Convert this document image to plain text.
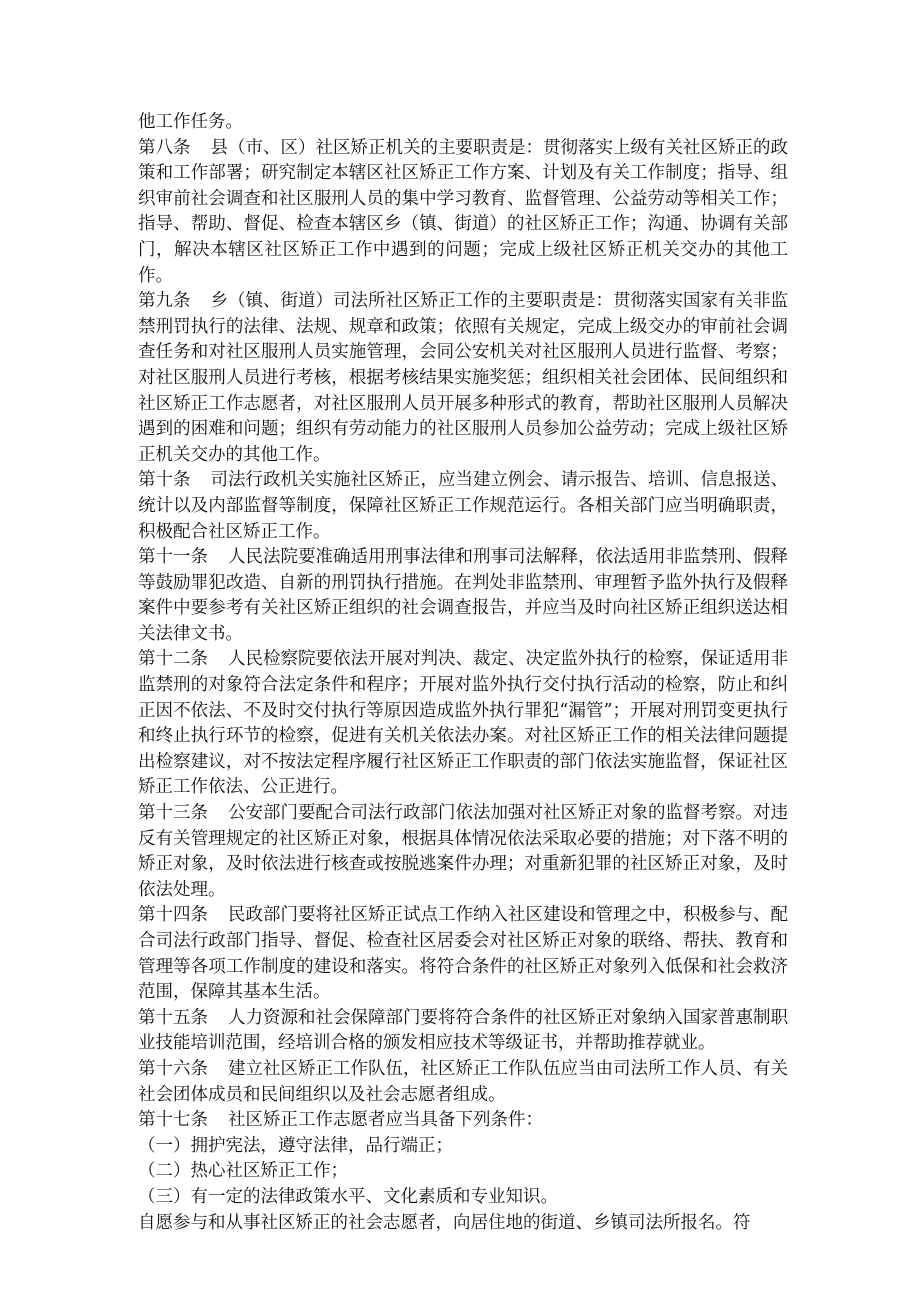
他工作任务。

第八条 县（市、区）社区矫正机关的主要职责是：贯彻落实上级有关社区矫正的政策和工作部署；研究制定本辖区社区矫正工作方案、计划及有关工作制度；指导、组织审前社会调查和社区服刑人员的集中学习教育、监督管理、公益劳动等相关工作；指导、帮助、督促、检查本辖区乡（镇、街道）的社区矫正工作；沟通、协调有关部门，解决本辖区社区矫正工作中遇到的问题；完成上级社区矫正机关交办的其他工作。

第九条 乡（镇、街道）司法所社区矫正工作的主要职责是：贯彻落实国家有关非监禁刑罚执行的法律、法规、规章和政策；依照有关规定，完成上级交办的审前社会调查任务和对社区服刑人员实施管理，会同公安机关对社区服刑人员进行监督、考察；对社区服刑人员进行考核，根据考核结果实施奖惩；组织相关社会团体、民间组织和社区矫正工作志愿者，对社区服刑人员开展多种形式的教育，帮助社区服刑人员解决遇到的困难和问题；组织有劳动能力的社区服刑人员参加公益劳动；完成上级社区矫正机关交办的其他工作。

第十条 司法行政机关实施社区矫正，应当建立例会、请示报告、培训、信息报送、统计以及内部监督等制度，保障社区矫正工作规范运行。各相关部门应当明确职责，积极配合社区矫正工作。

第十一条 人民法院要准确适用刑事法律和刑事司法解释，依法适用非监禁刑、假释等鼓励罪犯改造、自新的刑罚执行措施。在判处非监禁刑、审理暂予监外执行及假释案件中要参考有关社区矫正组织的社会调查报告，并应当及时向社区矫正组织送达相关法律文书。

第十二条 人民检察院要依法开展对判决、裁定、决定监外执行的检察，保证适用非监禁刑的对象符合法定条件和程序；开展对监外执行交付执行活动的检察，防止和纠正因不依法、不及时交付执行等原因造成监外执行罪犯“漏管”；开展对刑罚变更执行和终止执行环节的检察，促进有关机关依法办案。对社区矫正工作的相关法律问题提出检察建议，对不按法定程序履行社区矫正工作职责的部门依法实施监督，保证社区矫正工作依法、公正进行。

第十三条 公安部门要配合司法行政部门依法加强对社区矫正对象的监督考察。对违反有关管理规定的社区矫正对象，根据具体情况依法采取必要的措施；对下落不明的矫正对象，及时依法进行核查或按脱逃案件办理；对重新犯罪的社区矫正对象，及时依法处理。

第十四条 民政部门要将社区矫正试点工作纳入社区建设和管理之中，积极参与、配合司法行政部门指导、督促、检查社区居委会对社区矫正对象的联络、帮扶、教育和管理等各项工作制度的建设和落实。将符合条件的社区矫正对象列入低保和社会救济范围，保障其基本生活。

第十五条 人力资源和社会保障部门要将符合条件的社区矫正对象纳入国家普惠制职业技能培训范围，经培训合格的颁发相应技术等级证书，并帮助推荐就业。

第十六条 建立社区矫正工作队伍，社区矫正工作队伍应当由司法所工作人员、有关社会团体成员和民间组织以及社会志愿者组成。

第十七条 社区矫正工作志愿者应当具备下列条件：

（一）拥护宪法，遵守法律，品行端正；

（二）热心社区矫正工作；

（三）有一定的法律政策水平、文化素质和专业知识。

自愿参与和从事社区矫正的社会志愿者，向居住地的街道、乡镇司法所报名。符
